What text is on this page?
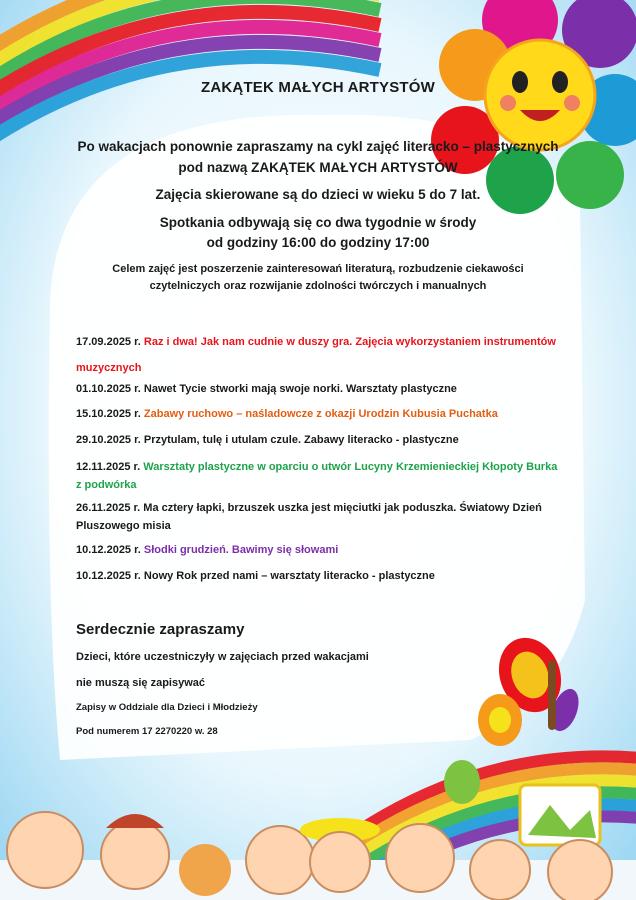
ZAKĄTEK MAŁYCH ARTYSTÓW
Po wakacjach ponownie zapraszamy na cykl zajęć literacko – plastycznych
pod nazwą ZAKĄTEK MAŁYCH ARTYSTÓW
Zajęcia skierowane są do dzieci w wieku 5 do 7 lat.
Spotkania odbywają się co dwa tygodnie w środy
od godziny 16:00 do godziny 17:00
Celem zajęć jest poszerzenie zainteresowań literaturą, rozbudzenie ciekawości
czytelniczych oraz rozwijanie zdolności twórczych i manualnych
17.09.2025 r. Raz i dwa! Jak nam cudnie w duszy gra. Zajęcia wykorzystaniem instrumentów muzycznych
01.10.2025 r. Nawet Tycie stworki mają swoje norki. Warsztaty plastyczne
15.10.2025 r. Zabawy ruchowo – naśladowcze z okazji Urodzin Kubusia Puchatka
29.10.2025 r. Przytulam, tulę i utulam czule. Zabawy literacko - plastyczne
12.11.2025 r. Warsztaty plastyczne w oparciu o utwór Lucyny Krzemienieckiej Kłopoty Burka z podwórka
26.11.2025 r. Ma cztery łapki, brzuszek uszka jest mięciutki jak poduszka. Światowy Dzień Pluszowego misia
10.12.2025 r. Słodki grudzień. Bawimy się słowami
10.12.2025 r. Nowy Rok przed nami – warsztaty literacko - plastyczne
Serdecznie zapraszamy
Dzieci, które uczestniczyły w zajęciach przed wakacjami
nie muszą się zapisywać
Zapisy w Oddziale dla Dzieci i Młodzieży
Pod numerem 17 2270220 w. 28
